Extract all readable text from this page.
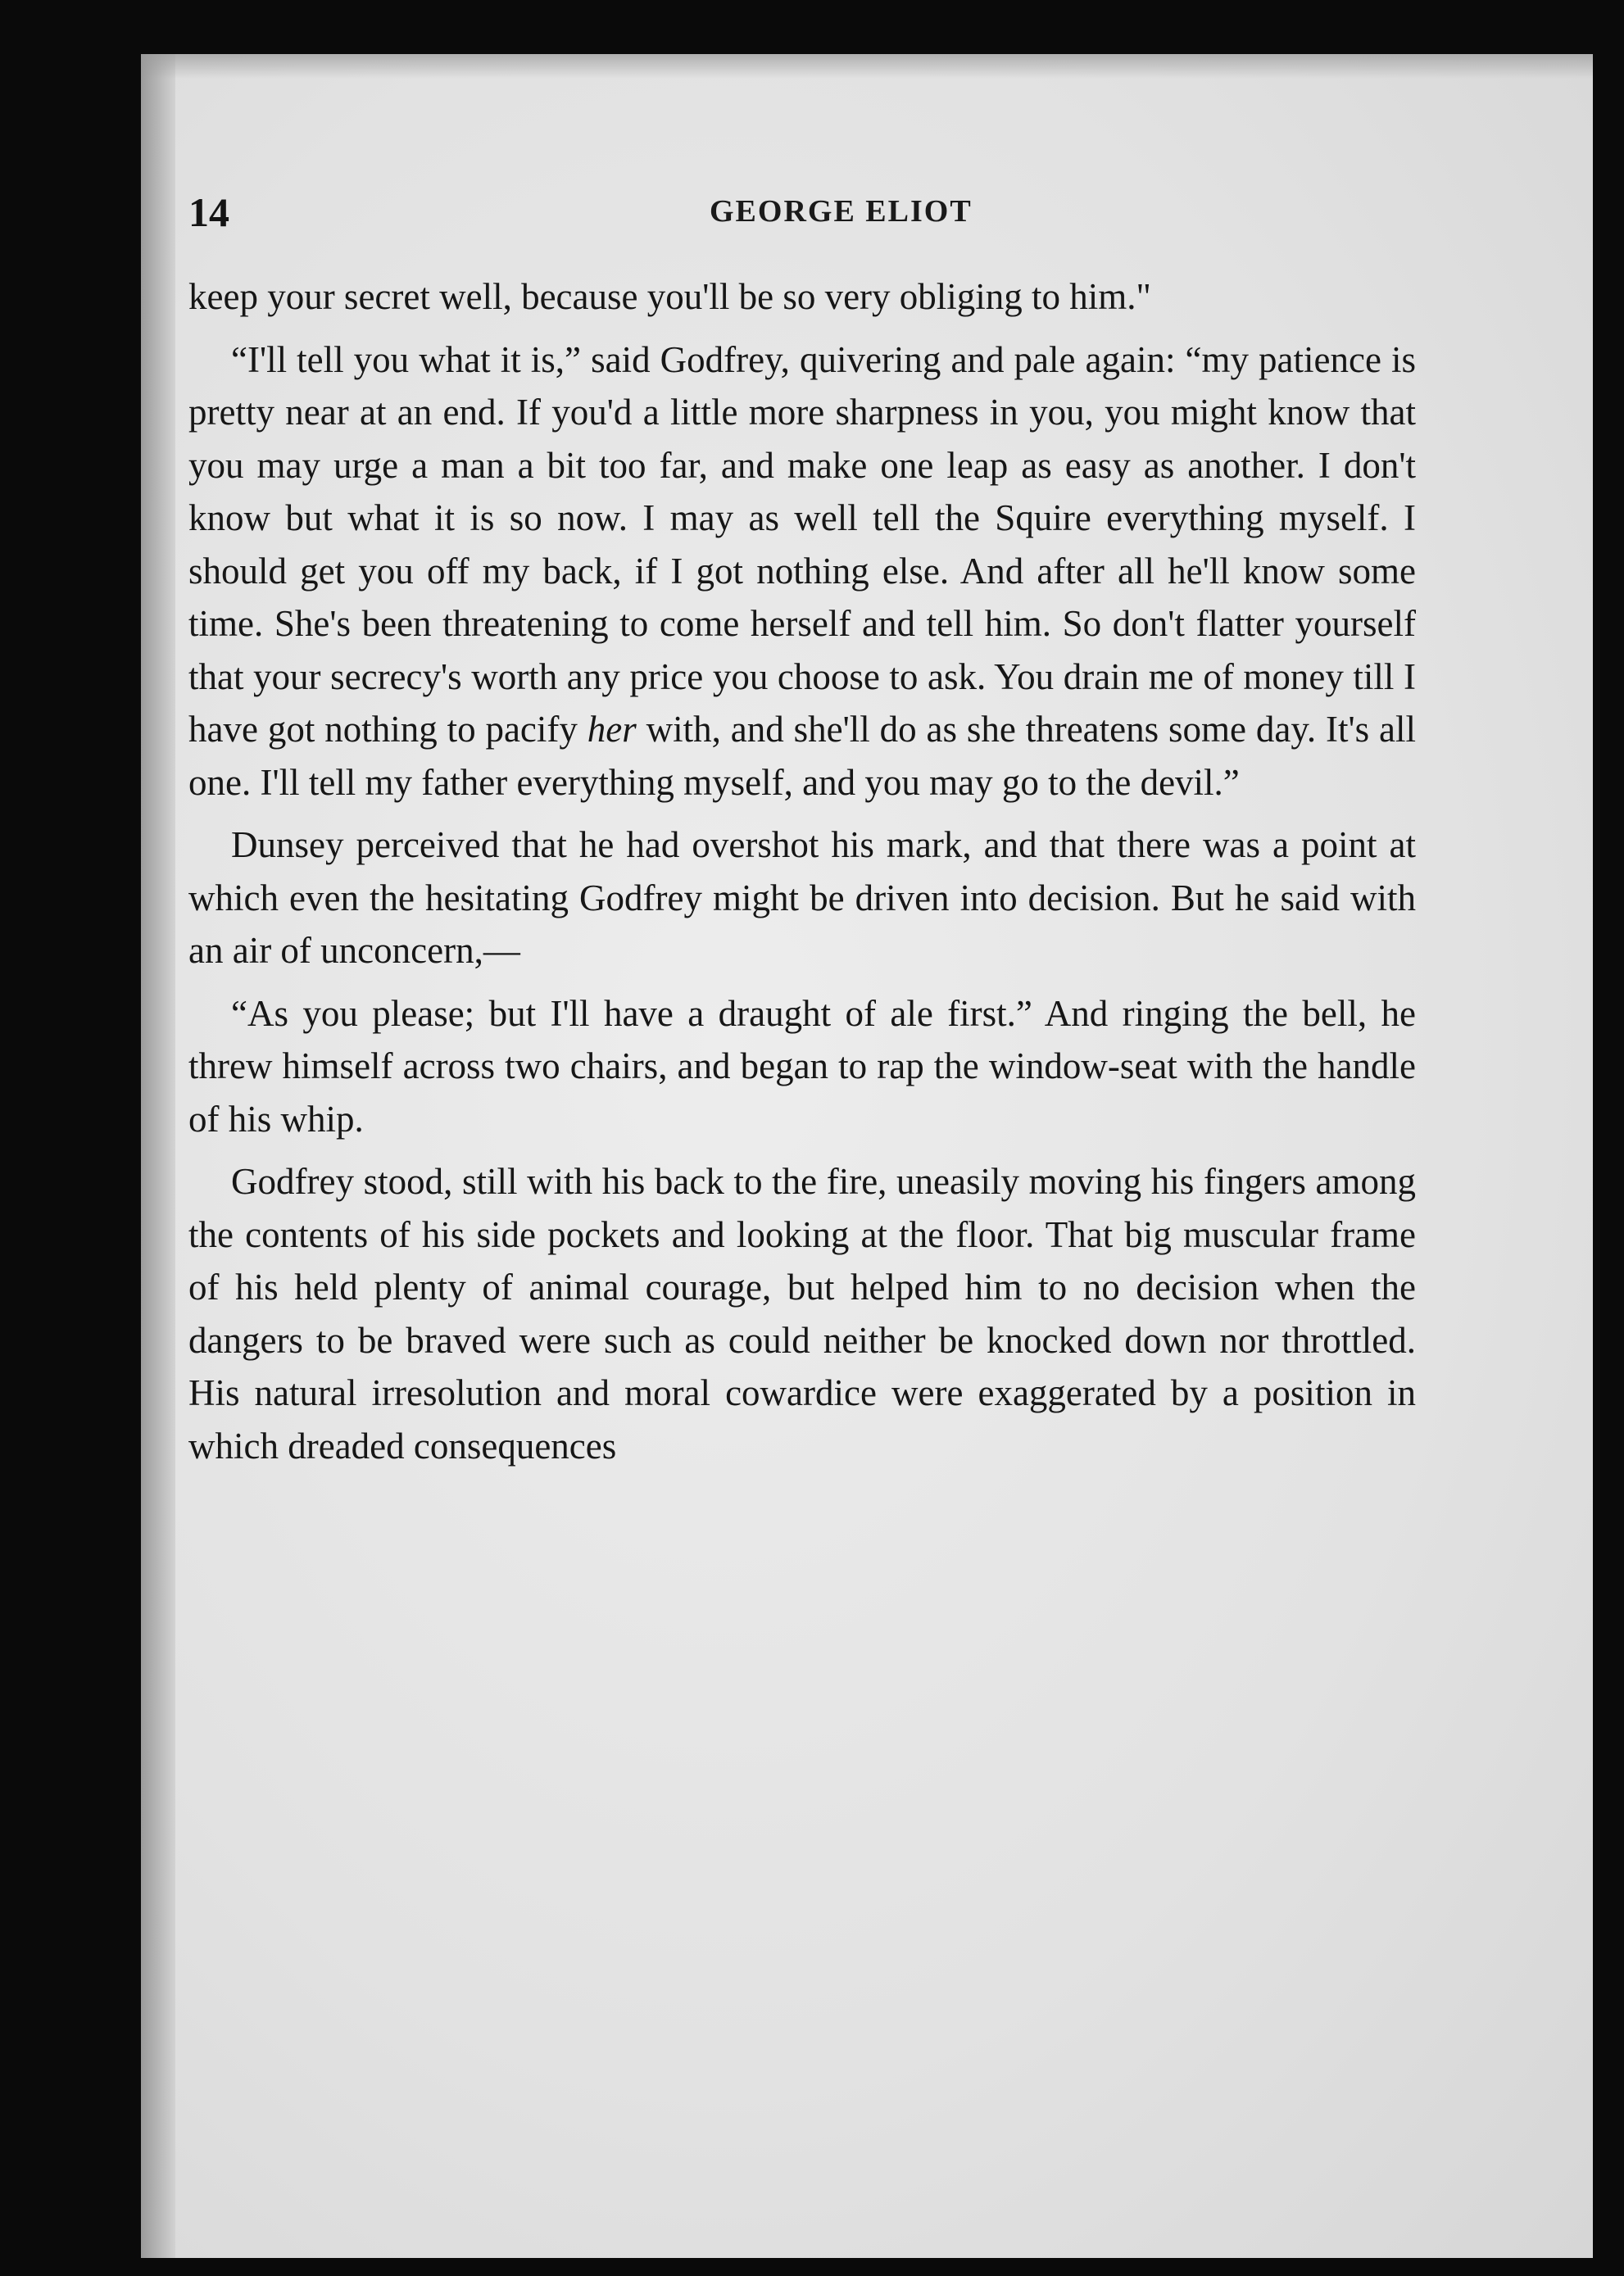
14	GEORGE ELIOT

keep your secret well, because you'll be so very obliging to him."

“I'll tell you what it is,” said Godfrey, quivering and pale again: “my patience is pretty near at an end. If you'd a little more sharpness in you, you might know that you may urge a man a bit too far, and make one leap as easy as another. I don't know but what it is so now. I may as well tell the Squire everything myself. I should get you off my back, if I got nothing else. And after all he'll know some time. She's been threatening to come herself and tell him. So don't flatter yourself that your secrecy's worth any price you choose to ask. You drain me of money till I have got nothing to pacify her with, and she'll do as she threatens some day. It's all one. I'll tell my father everything myself, and you may go to the devil.”

Dunsey perceived that he had overshot his mark, and that there was a point at which even the hesitating Godfrey might be driven into decision. But he said with an air of unconcern,—

“As you please; but I'll have a draught of ale first.” And ringing the bell, he threw himself across two chairs, and began to rap the window-seat with the handle of his whip.

Godfrey stood, still with his back to the fire, uneasily moving his fingers among the contents of his side pockets and looking at the floor. That big muscular frame of his held plenty of animal courage, but helped him to no decision when the dangers to be braved were such as could neither be knocked down nor throttled. His natural irresolution and moral cowardice were exaggerated by a position in which dreaded consequences
